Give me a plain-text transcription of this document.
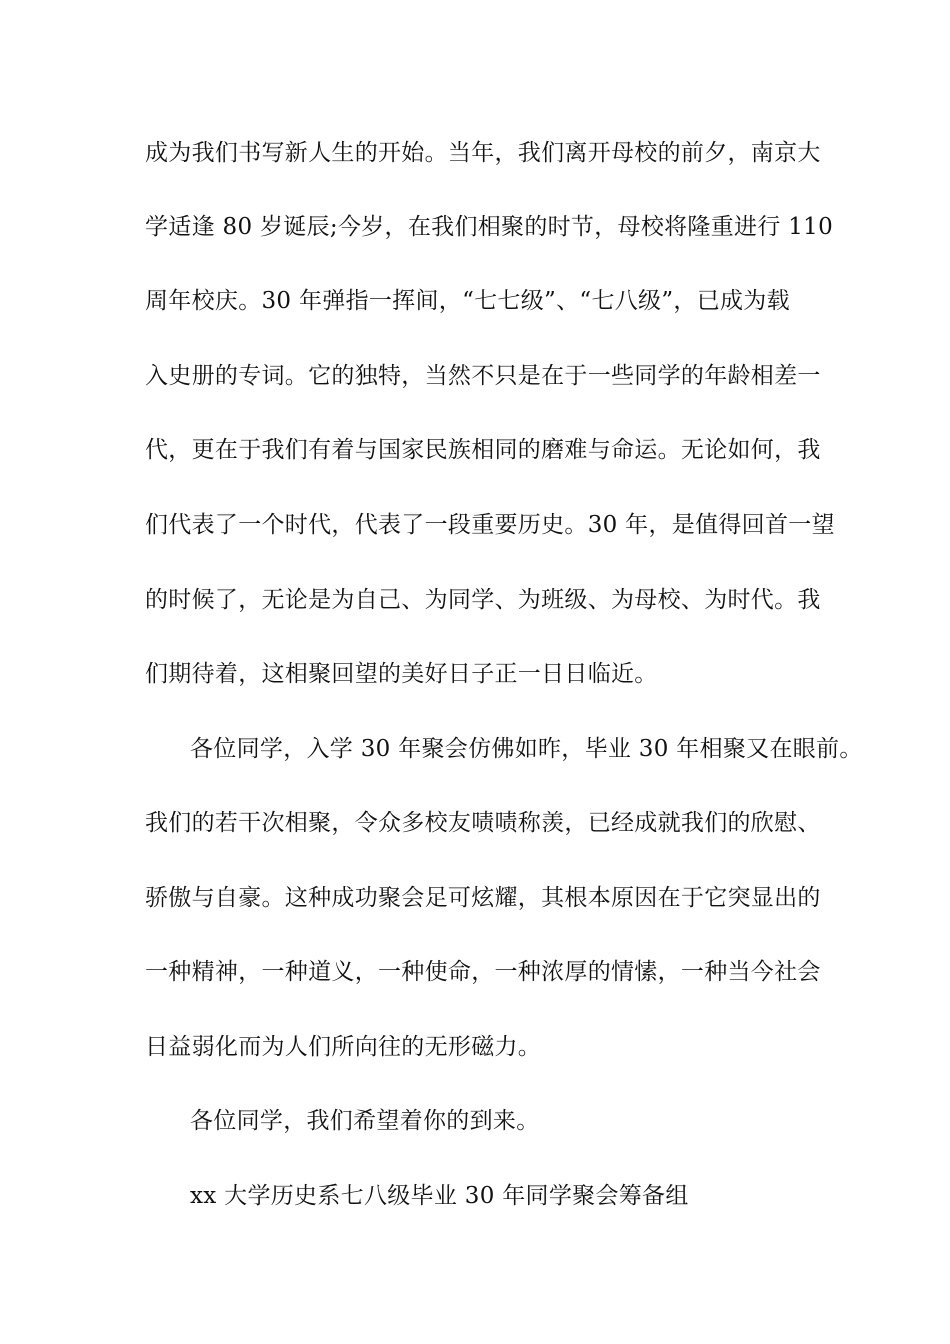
成为我们书写新人生的开始。当年，我们离开母校的前夕，南京大
学适逢 80 岁诞辰;今岁，在我们相聚的时节，母校将隆重进行 110
周年校庆。30 年弹指一挥间，“七七级”、“七八级”，已成为载
入史册的专词。它的独特，当然不只是在于一些同学的年龄相差一
代，更在于我们有着与国家民族相同的磨难与命运。无论如何，我
们代表了一个时代，代表了一段重要历史。30 年，是值得回首一望
的时候了，无论是为自己、为同学、为班级、为母校、为时代。我
们期待着，这相聚回望的美好日子正一日日临近。
各位同学，入学 30 年聚会仿佛如昨，毕业 30 年相聚又在眼前。
我们的若干次相聚，令众多校友啧啧称羡，已经成就我们的欣慰、
骄傲与自豪。这种成功聚会足可炫耀，其根本原因在于它突显出的
一种精神，一种道义，一种使命，一种浓厚的情愫，一种当今社会
日益弱化而为人们所向往的无形磁力。
各位同学，我们希望着你的到来。
xx 大学历史系七八级毕业 30 年同学聚会筹备组
